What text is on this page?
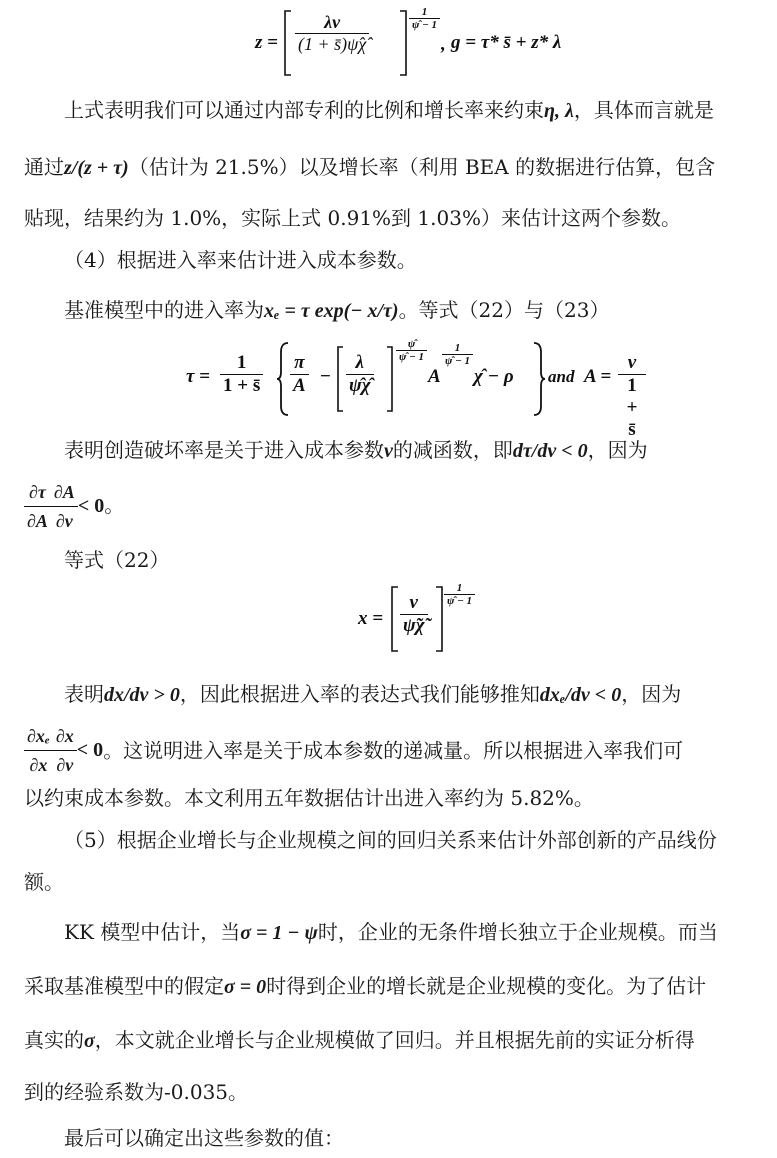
$z = \frac{\lambda\nu}{(1 + s̄)\psî\chî}$	$\frac{1}{\psî - 1}$
, g = τ* s̄ + z* λ
上式表明我们可以通过内部专利的比例和增长率来约束η, λ，具体而言就是
通过z/(z + τ)（估计为 21.5%）以及增长率（利用 BEA 的数据进行估算，包含
贴现，结果约为 1.0%，实际上式 0.91%到 1.03%）来估计这两个参数。
（4）根据进入率来估计进入成本参数。
基准模型中的进入率为xₑ = τ exp(− x/τ)。等式（22）与（23）
$\tau = \frac{1}{1 + s̄} \frac{\pi}{A} - \frac{\lambda}{\psî\chî}$
$\frac{\psî}{\psî - 1}$
A
$\frac{1}{\psî - 1}$
χ̂ − ρ and $A = \frac{\nu}{1 + s̄}$
表明创造破坏率是关于进入成本参数ν的减函数，即dτ/dν < 0，因为
$\frac{\partial\tau}{\partial A} \frac{\partial A}{\partial\nu} < 0$。
等式（22）
$x = \frac{\nu}{\psĩ\chĩ} \frac{1}{\psî - 1}$
表明dx/dν > 0，因此根据进入率的表达式我们能够推知dxₑ/dν < 0，因为
$\frac{\text{∂xₑ}}{\partial x} \frac{\partial x}{\partial\nu} < 0$。这说明进入率是关于成本参数的递减量。所以根据进入率我们可
以约束成本参数。本文利用五年数据估计出进入率约为 5.82%。
（5）根据企业增长与企业规模之间的回归关系来估计外部创新的产品线份
额。
KK 模型中估计，当σ = 1 − ψ时，企业的无条件增长独立于企业规模。而当
采取基准模型中的假定σ = 0时得到企业的增长就是企业规模的变化。为了估计
真实的σ，本文就企业增长与企业规模做了回归。并且根据先前的实证分析得
到的经验系数为-0.035。
最后可以确定出这些参数的值：
